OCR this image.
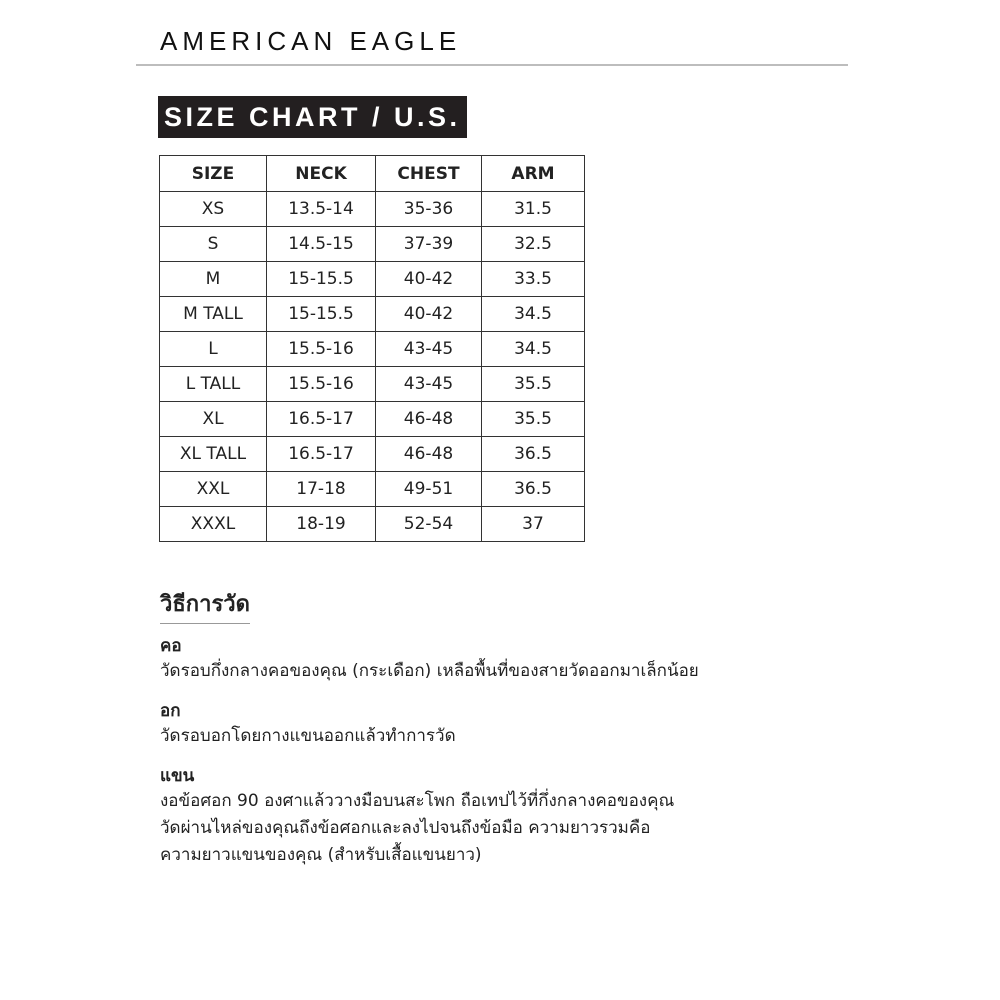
AMERICAN EAGLE
SIZE CHART / U.S.
SIZE	NECK	CHEST	ARM
XS	13.5-14	35-36	31.5
S	14.5-15	37-39	32.5
M	15-15.5	40-42	33.5
M TALL	15-15.5	40-42	34.5
L	15.5-16	43-45	34.5
L TALL	15.5-16	43-45	35.5
XL	16.5-17	46-48	35.5
XL TALL	16.5-17	46-48	36.5
XXL	17-18	49-51	36.5
XXXL	18-19	52-54	37
วิธีการวัด
คอ
วัดรอบกึ่งกลางคอของคุณ (กระเดือก) เหลือพื้นที่ของสายวัดออกมาเล็กน้อย
อก
วัดรอบอกโดยกางแขนออกแล้วทำการวัด
แขน
งอข้อศอก 90 องศาแล้ววางมือบนสะโพก ถือเทปไว้ที่กึ่งกลางคอของคุณ
วัดผ่านไหล่ของคุณถึงข้อศอกและลงไปจนถึงข้อมือ ความยาวรวมคือ
ความยาวแขนของคุณ (สำหรับเสื้อแขนยาว)
